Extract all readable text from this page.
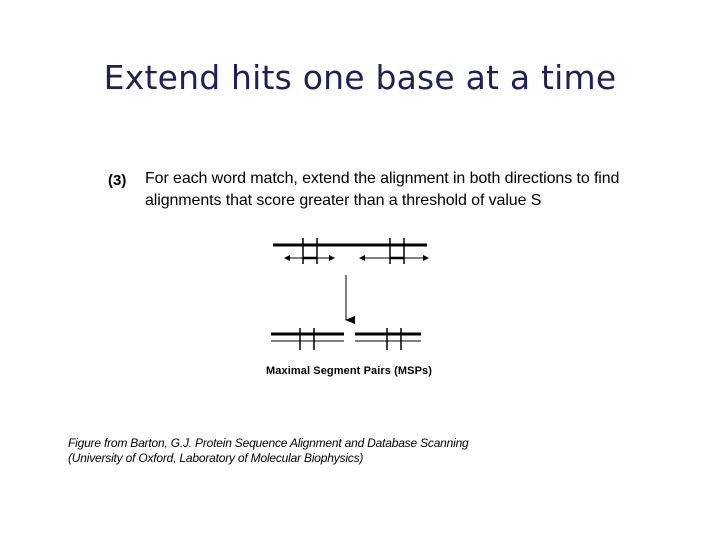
Extend hits one base at a time
(3) For each word match, extend the alignment in both directions to find
alignments that score greater than a threshold of value S
Maximal Segment Pairs (MSPs)
Figure from Barton, G.J. Protein Sequence Alignment and Database Scanning
(University of Oxford, Laboratory of Molecular Biophysics)
